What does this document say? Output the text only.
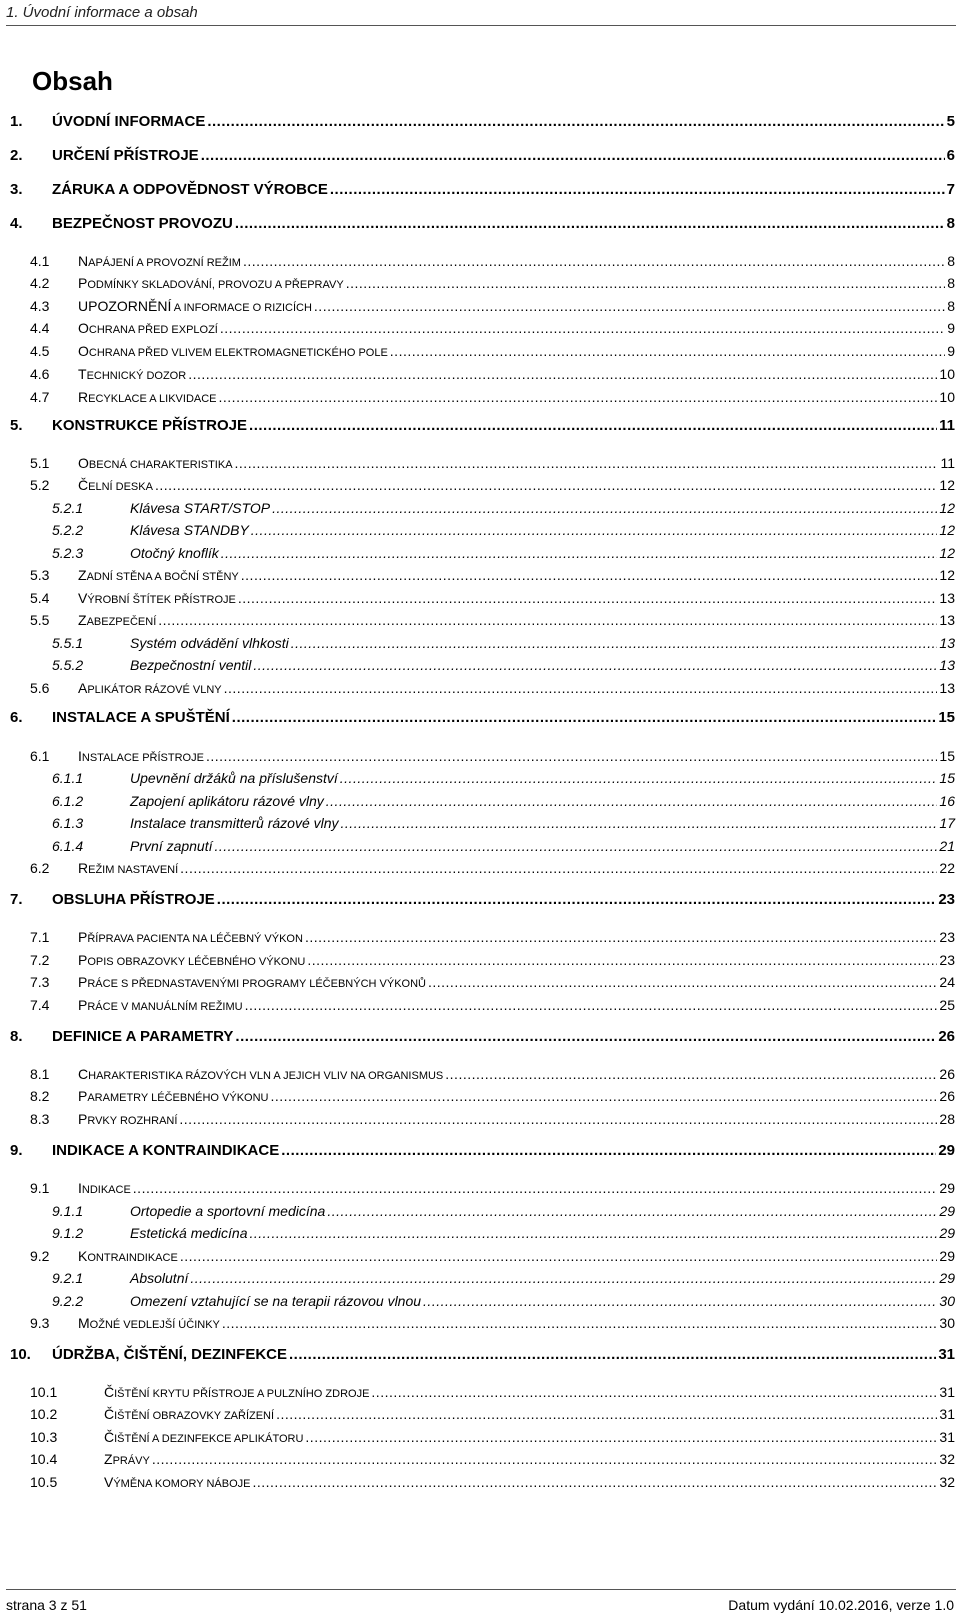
1. Úvodní informace a obsah
Obsah
1. ÚVODNÍ INFORMACE .....	5
2. URČENÍ PŘÍSTROJE .....	6
3. ZÁRUKA A ODPOVĚDNOST VÝROBCE .....	7
4. BEZPEČNOST PROVOZU .....	8
4.1 NAPÁJENÍ A PROVOZNÍ REŽIM .....	8
4.2 PODMÍNKY SKLADOVÁNÍ, PROVOZU A PŘEPRAVY .....	8
4.3 UPOZORNĚNÍ A INFORMACE O RIZICÍCH .....	8
4.4 OCHRANA PŘED EXPLOZÍ .....	9
4.5 OCHRANA PŘED VLIVEM ELEKTROMAGNETICKÉHO POLE .....	9
4.6 TECHNICKÝ DOZOR .....	10
4.7 RECYKLACE A LIKVIDACE .....	10
5. KONSTRUKCE PŘÍSTROJE .....	11
5.1 OBECNÁ CHARAKTERISTIKA .....	11
5.2 ČELNÍ DESKA .....	12
5.2.1	Klávesa START/STOP .....	12
5.2.2	Klávesa STANDBY .....	12
5.2.3	Otočný knoflík .....	12
5.3 ZADNÍ STĚNA A BOČNÍ STĚNY .....	12
5.4 VÝROBNÍ ŠTÍTEK PŘÍSTROJE .....	13
5.5 ZABEZPEČENÍ .....	13
5.5.1	Systém odvádění vlhkosti .....	13
5.5.2	Bezpečnostní ventil .....	13
5.6 APLIKÁTOR RÁZOVÉ VLNY .....	13
6. INSTALACE A SPUŠTĚNÍ .....	15
6.1 INSTALACE PŘÍSTROJE .....	15
6.1.1	Upevnění držáků na příslušenství .....	15
6.1.2	Zapojení aplikátoru rázové vlny .....	16
6.1.3	Instalace transmitterů rázové vlny .....	17
6.1.4	První zapnutí .....	21
6.2 REŽIM NASTAVENÍ .....	22
7. OBSLUHA PŘÍSTROJE .....	23
7.1 PŘÍPRAVA PACIENTA NA LÉČEBNÝ VÝKON .....	23
7.2 POPIS OBRAZOVKY LÉČEBNÉHO VÝKONU .....	23
7.3 PRÁCE S PŘEDNASTAVENÝMI PROGRAMY LÉČEBNÝCH VÝKONŮ .....	24
7.4 PRÁCE V MANUÁLNÍM REŽIMU .....	25
8. DEFINICE A PARAMETRY .....	26
8.1 CHARAKTERISTIKA RÁZOVÝCH VLN A JEJICH VLIV NA ORGANISMUS .....	26
8.2 PARAMETRY LÉČEBNÉHO VÝKONU .....	26
8.3 PRVKY ROZHRANÍ .....	28
9. INDIKACE A KONTRAINDIKACE .....	29
9.1 INDIKACE .....	29
9.1.1	Ortopedie a sportovní medicína .....	29
9.1.2	Estetická medicína .....	29
9.2 KONTRAINDIKACE .....	29
9.2.1	Absolutní .....	29
9.2.2	Omezení vztahující se na terapii rázovou vlnou .....	30
9.3 MOŽNÉ VEDLEJŠÍ ÚČINKY .....	30
10. ÚDRŽBA, ČIŠTĚNÍ, DEZINFEKCE .....	31
10.1	ČIŠTĚNÍ KRYTU PŘÍSTROJE A PULZNÍHO ZDROJE .....	31
10.2	ČIŠTĚNÍ OBRAZOVKY ZAŘÍZENÍ .....	31
10.3	ČIŠTĚNÍ A DEZINFEKCE APLIKÁTORU .....	31
10.4	ZPRÁVY .....	32
10.5	VÝMĚNA KOMORY NÁBOJE .....	32
strana 3 z 51	Datum vydání 10.02.2016, verze 1.0
